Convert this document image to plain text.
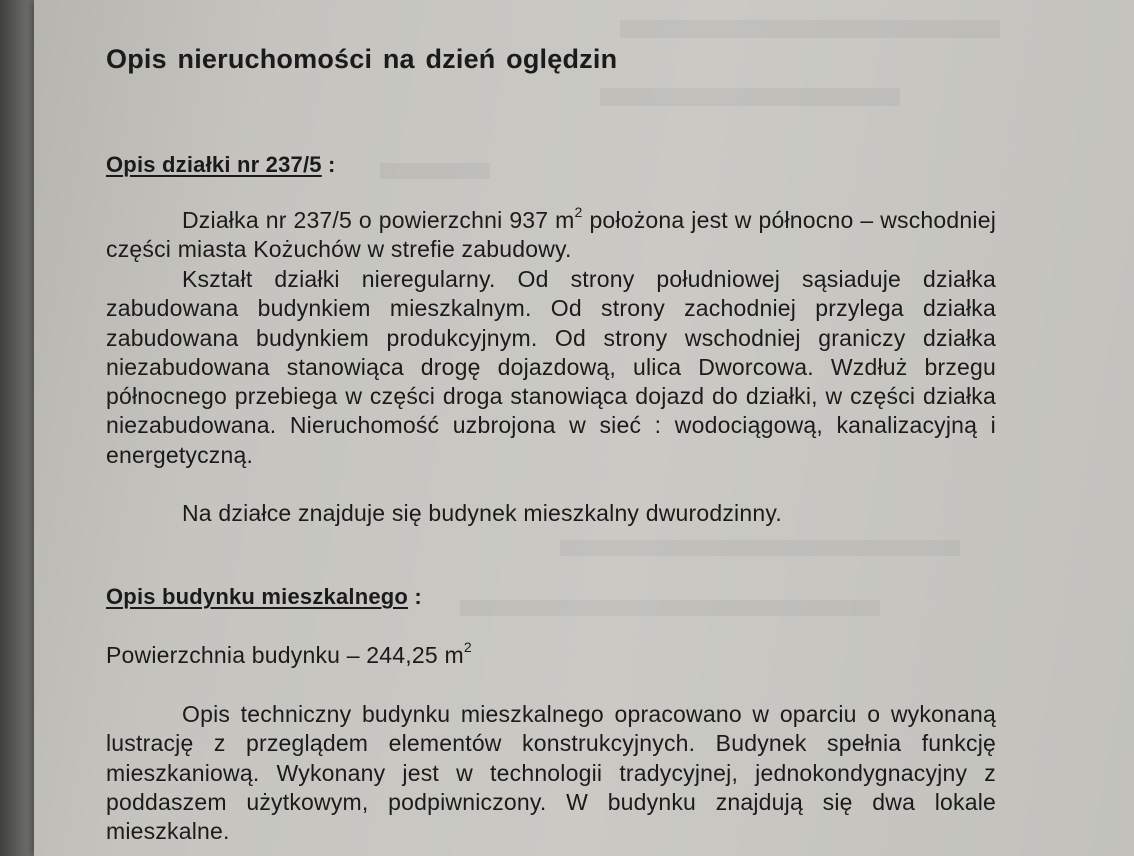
Opis nieruchomości na dzień oględzin
Opis działki nr 237/5 :
Działka nr 237/5 o powierzchni 937 $m^2$ położona jest w północno – wschodniej części miasta Kożuchów w strefie zabudowy.
Kształt działki nieregularny. Od strony południowej sąsiaduje działka zabudowana budynkiem mieszkalnym. Od strony zachodniej przylega działka zabudowana budynkiem produkcyjnym. Od strony wschodniej graniczy działka niezabudowana stanowiąca drogę dojazdową, ulica Dworcowa. Wzdłuż brzegu północnego przebiega w części droga stanowiąca dojazd do działki, w części działka niezabudowana. Nieruchomość uzbrojona w sieć : wodociągową, kanalizacyjną i energetyczną.
Na działce znajduje się budynek mieszkalny dwurodzinny.
Opis budynku mieszkalnego :
Powierzchnia budynku – 244,25 $m^2$
Opis techniczny budynku mieszkalnego opracowano w oparciu o wykonaną lustrację z przeglądem elementów konstrukcyjnych. Budynek spełnia funkcję mieszkaniową. Wykonany jest w technologii tradycyjnej, jednokondygnacyjny z poddaszem użytkowym, podpiwniczony. W budynku znajdują się dwa lokale mieszkalne.
